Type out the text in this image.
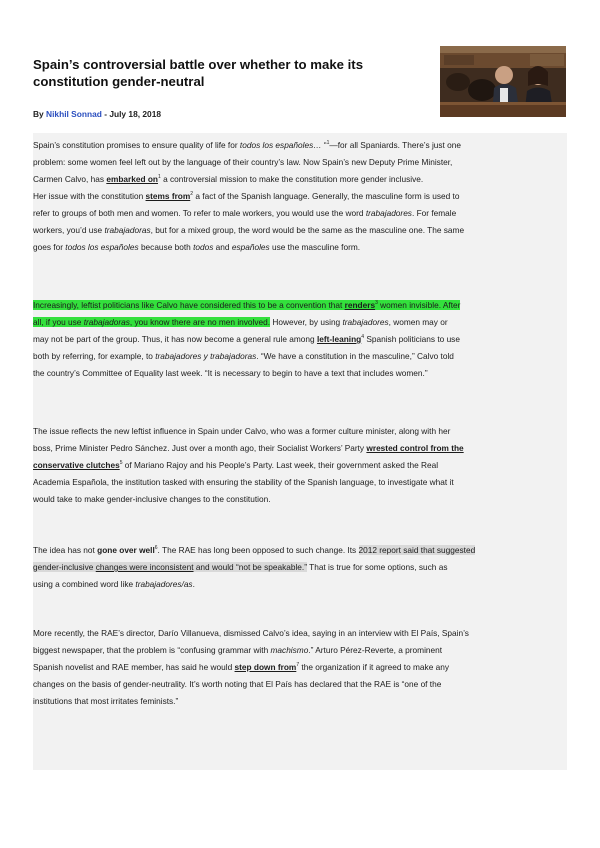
Spain’s controversial battle over whether to make its constitution gender-neutral
By Nikhil Sonnad - July 18, 2018
Spain’s constitution promises to ensure quality of life for todos los españoles… “$^1$—for all Spaniards. There’s just one
problem: some women feel left out by the language of their country’s law. Now Spain’s new Deputy Prime Minister,
Carmen Calvo, has embarked $on^1$ a controversial mission to make the constitution more gender inclusive.
Her issue with the constitution stems from$^2$ a fact of the Spanish language. Generally, the masculine form is used to
refer to groups of both men and women. To refer to male workers, you would use the word trabajadores. For female
workers, you’d use trabajadoras, but for a mixed group, the word would be the same as the masculine one. The same
goes for todos los españoles because both todos and españoles use the masculine form.
Increasingly, leftist politicians like Calvo have considered this to be a convention that renders$^3$ women invisible. After
all, if you use trabajadoras, you know there are no men involved. However, by using trabajadores, women may or
may not be part of the group. Thus, it has now become a general rule among left-leaning$^4$ Spanish politicians to use
both by referring, for example, to trabajadores y trabajadoras. “We have a constitution in the masculine,” Calvo told
the country’s Committee of Equality last week. “It is necessary to begin to have a text that includes women.”
The issue reflects the new leftist influence in Spain under Calvo, who was a former culture minister, along with her
boss, Prime Minister Pedro Sánchez. Just over a month ago, their Socialist Workers’ Party wrested control from the
conservative clutches$^5$ of Mariano Rajoy and his People’s Party. Last week, their government asked the Real
Academia Española, the institution tasked with ensuring the stability of the Spanish language, to investigate what it
would take to make gender-inclusive changes to the constitution.
The idea has not gone over well$^6$. The RAE has long been opposed to such change. Its 2012 report said that suggested
gender-inclusive changes were inconsistent and would “not be speakable.” That is true for some options, such as
using a combined word like trabajadores/as.
More recently, the RAE’s director, Darío Villanueva, dismissed Calvo’s idea, saying in an interview with El País, Spain’s
biggest newspaper, that the problem is “confusing grammar with machismo.” Arturo Pérez-Reverte, a prominent
Spanish novelist and RAE member, has said he would step down from$^7$ the organization if it agreed to make any
changes on the basis of gender-neutrality. It’s worth noting that El País has declared that the RAE is “one of the
institutions that most irritates feminists.”
